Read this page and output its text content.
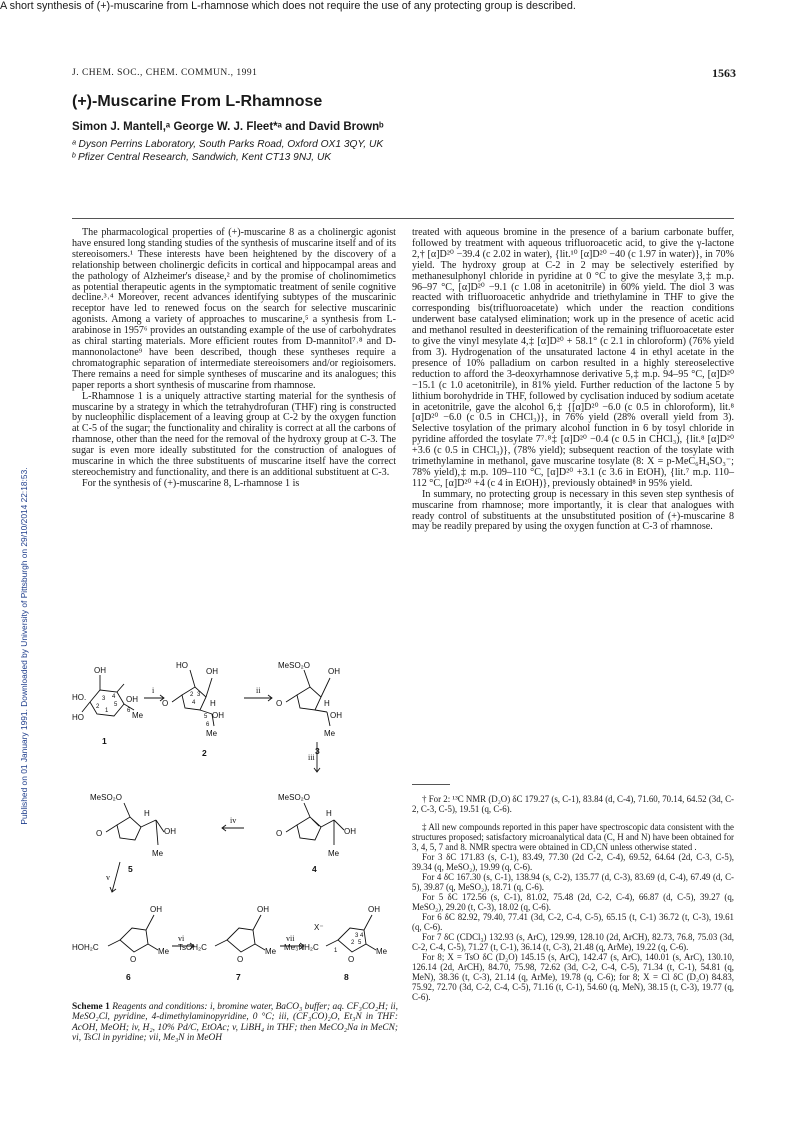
Published on 01 January 1991. Downloaded by University of Pittsburgh on 29/10/2014 22:18:53.
J. CHEM. SOC., CHEM. COMMUN., 1991	1563
(+)-Muscarine From L-Rhamnose
Simon J. Mantell,ᵃ George W. J. Fleet*ᵃ and David Brownᵇ
ᵃ Dyson Perrins Laboratory, South Parks Road, Oxford OX1 3QY, UK
ᵇ Pfizer Central Research, Sandwich, Kent CT13 9NJ, UK
A short synthesis of (+)-muscarine from L-rhamnose which does not require the use of any protecting group is described.

The pharmacological properties of (+)-muscarine 8 as a cholinergic agonist have ensured long standing studies of the synthesis of muscarine itself and of its stereoisomers.¹ These interests have been heightened by the discovery of a relationship between cholinergic deficits in cortical and hippocampal areas and the pathology of Alzheimer's disease,² and by the promise of cholinomimetics as potential therapeutic agents in the symptomatic treatment of senile cognitive decline.³˒⁴ Moreover, recent advances identifying subtypes of the muscarinic receptor have led to renewed focus on the search for selective muscarinic agonists. Among a variety of approaches to muscarine,⁵ a synthesis from L-arabinose in 1957⁶ provides an outstanding example of the use of carbohydrates as chiral starting materials. More efficient routes from D-mannitol⁷˒⁸ and D-mannonolactone⁹ have been described, though these syntheses require a chromatographic separation of intermediate stereoisomers and/or regioisomers. There remains a need for simple syntheses of muscarine and its analogues; this paper reports a short synthesis of muscarine from rhamnose.

L-Rhamnose 1 is a uniquely attractive starting material for the synthesis of muscarine by a strategy in which the tetrahydrofuran (THF) ring is constructed by nucleophilic displacement of a leaving group at C-2 by the oxygen function at C-5 of the sugar; the functionality and chirality is correct at all the carbons of rhamnose, other than the need for the removal of the hydroxy group at C-3. The sugar is even more ideally substituted for the construction of analogues of muscarine in which the three substituents of muscarine itself have the correct stereochemistry and functionality, and there is an additional substituent at C-3.

For the synthesis of (+)-muscarine 8, L-rhamnose 1 is

treated with aqueous bromine in the presence of a barium carbonate buffer, followed by treatment with aqueous trifluoroacetic acid, to give the γ-lactone 2,† [α]D²⁰ −39.4 (c 2.02 in water), {lit.¹⁰ [α]D²⁰ −40 (c 1.97 in water)}, in 70% yield. The hydroxy group at C-2 in 2 may be selectively esterified by methanesulphonyl chloride in pyridine at 0 °C to give the mesylate 3,‡ m.p. 96–97 °C, [α]D²⁰ −9.1 (c 1.08 in acetonitrile) in 60% yield. The diol 3 was reacted with trifluoroacetic anhydride and triethylamine in THF to give the corresponding bis(trifluoroacetate) which under the reaction conditions underwent base catalysed elimination; work up in the presence of acetic acid and methanol resulted in deesterification of the remaining trifluoroacetate ester to give the vinyl mesylate 4,‡ [α]D²⁰ + 58.1° (c 2.1 in chloroform) (76% yield from 3). Hydrogenation of the unsaturated lactone 4 in ethyl acetate in the presence of 10% palladium on carbon resulted in a highly stereoselective reduction to afford the 3-deoxyrhamnose derivative 5,‡ m.p. 94–95 °C, [α]D²⁰ −15.1 (c 1.0 acetonitrile), in 81% yield. Further reduction of the lactone 5 by lithium borohydride in THF, followed by cyclisation induced by sodium acetate in acetonitrile, gave the alcohol 6,‡ {[α]D²⁰ −6.0 (c 0.5 in chloroform), lit.⁸ [α]D²⁰ −6.0 (c 0.5 in CHCl₃)}, in 76% yield (28% overall yield from 3). Selective tosylation of the primary alcohol function in 6 by tosyl chloride in pyridine afforded the tosylate 7⁷˒⁸‡ [α]D²⁰ −0.4 (c 0.5 in CHCl₃), {lit.⁸ [α]D²⁰ +3.6 (c 0.5 in CHCl₃)}, (78% yield); subsequent reaction of the tosylate with trimethylamine in methanol, gave muscarine tosylate (8: X = p-MeC₆H₄SO₃⁻; 78% yield),‡ m.p. 109–110 °C, [α]D²⁰ +3.1 (c 3.6 in EtOH), {lit.⁷ m.p. 110–112 °C, [α]D²⁰ +4 (c 4 in EtOH)}, previously obtained⁸ in 95% yield.

In summary, no protecting group is necessary in this seven step synthesis of muscarine from rhamnose; more importantly, it is clear that analogues with ready control of substituents at the unsubstituted position of (+)-muscarine 8 may be readily prepared by using the oxygen function at C-3 of rhamnose.

OH
HO.	OH
HO	Me
1
HO
OH
H
OH
Me
O
2
MeSO₂O
OH
H
OH
Me
O
3
MeSO₂O
H
OH
Me
O
5
MeSO₂O
H
OH
Me
O
4
OH
HOH₂C
O
Me
6
OH
TsOH₂C
O
Me
7
OH
X⁻
Me₃NH₂C
O
Me
8
i	ii
iii
iv
v
vi	vii
3
2
1
5
4
6
2 3
4
5
6
3 4
2 5
1
Scheme 1 Reagents and conditions: i, bromine water, BaCO₃ buffer; aq. CF₃CO₂H; ii, MeSO₂Cl, pyridine, 4-dimethylaminopyridine, 0 °C; iii, (CF₃CO)₂O, Et₃N in THF: AcOH, MeOH; iv, H₂, 10% Pd/C, EtOAc; v, LiBH₄ in THF; then MeCO₂Na in MeCN; vi, TsCl in pyridine; vii, Me₃N in MeOH

† For 2: ¹³C NMR (D₂O) δC 179.27 (s, C-1), 83.84 (d, C-4), 71.60, 70.14, 64.52 (3d, C-2, C-3, C-5), 19.51 (q, C-6).

‡ All new compounds reported in this paper have spectroscopic data consistent with the structures proposed; satisfactory microanalytical data (C, H and N) have been obtained for 3, 4, 5, 7 and 8. NMR spectra were obtained in CD₃CN unless otherwise stated .

For 3 δC 171.83 (s, C-1), 83.49, 77.30 (2d C-2, C-4), 69.52, 64.64 (2d, C-3, C-5), 39.34 (q, MeSO₂), 19.99 (q, C-6).

For 4 δC 167.30 (s, C-1), 138.94 (s, C-2), 135.77 (d, C-3), 83.69 (d, C-4), 67.49 (d, C-5), 39.87 (q, MeSO₂), 18.71 (q, C-6).

For 5 δC 172.56 (s, C-1), 81.02, 75.48 (2d, C-2, C-4), 66.87 (d, C-5), 39.27 (q, MeSO₂), 29.20 (t, C-3), 18.02 (q, C-6).

For 6 δC 82.92, 79.40, 77.41 (3d, C-2, C-4, C-5), 65.15 (t, C-1) 36.72 (t, C-3), 19.61 (q, C-6).

For 7 δC (CDCl₃) 132.93 (s, ArC), 129.99, 128.10 (2d, ArCH), 82.73, 76.8, 75.03 (3d, C-2, C-4, C-5), 71.27 (t, C-1), 36.14 (t, C-3), 21.48 (q, ArMe), 19.22 (q, C-6).

For 8; X = TsO δC (D₂O) 145.15 (s, ArC), 142.47 (s, ArC), 140.01 (s, ArC), 130.10, 126.14 (2d, ArCH), 84.70, 75.98, 72.62 (3d, C-2, C-4, C-5), 71.34 (t, C-1), 54.81 (q, MeN), 38.36 (t, C-3), 21.14 (q, ArMe), 19.78 (q, C-6); for 8; X = Cl δC (D₂O) 84.83, 75.92, 72.70 (3d, C-2, C-4, C-5), 71.16 (t, C-1), 54.60 (q, MeN), 38.15 (t, C-3), 19.77 (q, C-6).
